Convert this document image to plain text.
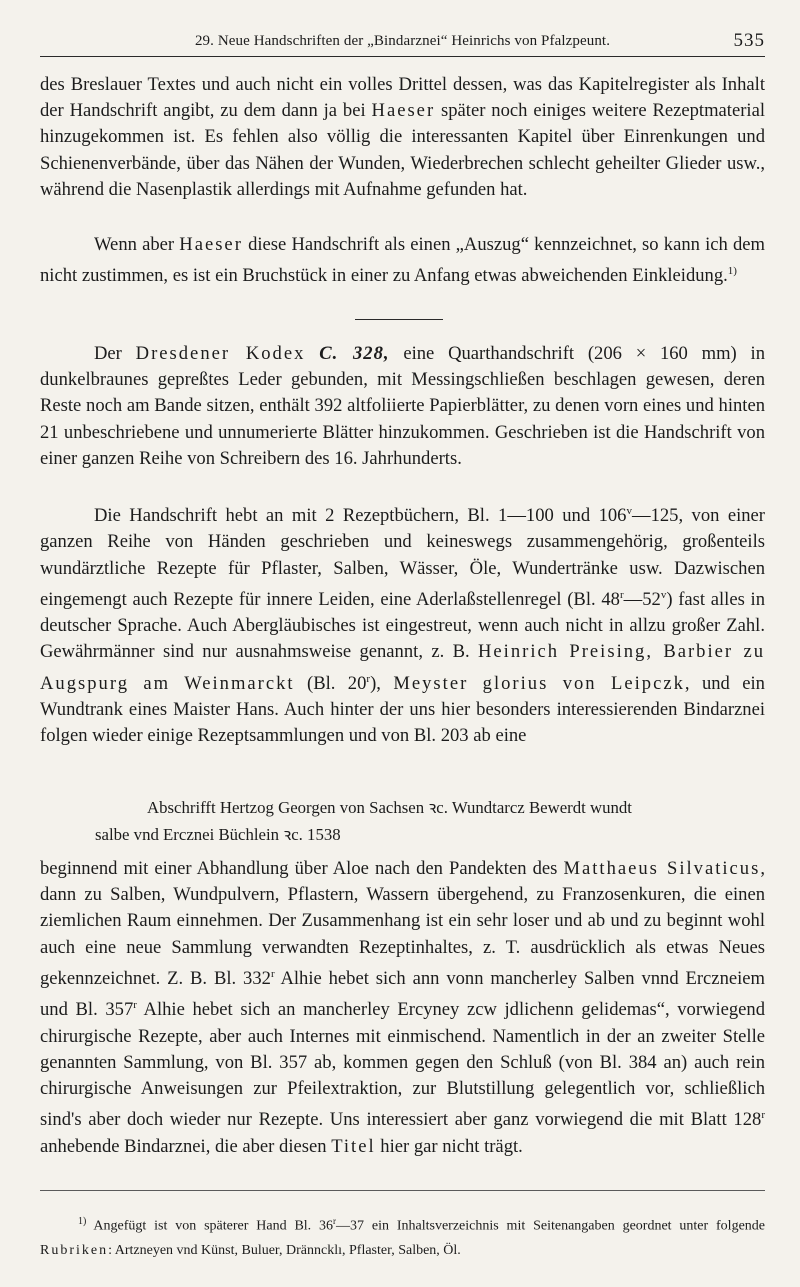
29. Neue Handschriften der „Bindarznei“ Heinrichs von Pfalzpeunt.	535

des Breslauer Textes und auch nicht ein volles Drittel dessen, was das Kapitelregister als Inhalt der Handschrift angibt, zu dem dann ja bei Haeser später noch einiges weitere Rezeptmaterial hinzugekommen ist. Es fehlen also völlig die interessanten Kapitel über Einrenkungen und Schienenverbände, über das Nähen der Wunden, Wiederbrechen schlecht geheilter Glieder usw., während die Nasenplastik allerdings mit Aufnahme gefunden hat.

Wenn aber Haeser diese Handschrift als einen „Auszug“ kennzeichnet, so kann ich dem nicht zustimmen, es ist ein Bruchstück in einer zu Anfang etwas abweichenden Einkleidung.$^{1)}$

Der Dresdener Kodex C. 328, eine Quarthandschrift (206 × 160 mm) in dunkelbraunes gepreßtes Leder gebunden, mit Messingschließen beschlagen gewesen, deren Reste noch am Bande sitzen, enthält 392 altfoliierte Papierblätter, zu denen vorn eines und hinten 21 unbeschriebene und unnumerierte Blätter hinzukommen. Geschrieben ist die Handschrift von einer ganzen Reihe von Schreibern des 16. Jahrhunderts.

Die Handschrift hebt an mit 2 Rezeptbüchern, Bl. 1—100 und 106$^v$—125, von einer ganzen Reihe von Händen geschrieben und keineswegs zusammengehörig, großenteils wundärztliche Rezepte für Pflaster, Salben, Wässer, Öle, Wundertränke usw. Dazwischen eingemengt auch Rezepte für innere Leiden, eine Aderlaßstellenregel (Bl. 48$^r$—52$^v$) fast alles in deutscher Sprache. Auch Abergläubisches ist eingestreut, wenn auch nicht in allzu großer Zahl. Gewährmänner sind nur ausnahmsweise genannt, z. B. Heinrich Preising, Barbier zu Augspurg am Weinmarckt (Bl. 20$^r$), Meyster glorius von Leipczk, und ein Wundtrank eines Maister Hans. Auch hinter der uns hier besonders interessierenden Bindarznei folgen wieder einige Rezeptsammlungen und von Bl. 203 ab eine

Abschrifft Hertzog Georgen von Sachsen ꝛc. Wundtarcz Bewerdt wundt
salbe vnd Ercznei Büchlein ꝛc. 1538

beginnend mit einer Abhandlung über Aloe nach den Pandekten des Matthaeus Silvaticus, dann zu Salben, Wundpulvern, Pflastern, Wassern übergehend, zu Franzosenkuren, die einen ziemlichen Raum einnehmen. Der Zusammenhang ist ein sehr loser und ab und zu beginnt wohl auch eine neue Sammlung verwandten Rezeptinhaltes, z. T. ausdrücklich als etwas Neues gekennzeichnet. Z. B. Bl. 332$^r$ Alhie hebet sich ann vonn mancherley Salben vnnd Erczneiem und Bl. 357$^r$ Alhie hebet sich an mancherley Ercyney zcw jdlichenn gelidemas“, vorwiegend chirurgische Rezepte, aber auch Internes mit einmischend. Namentlich in der an zweiter Stelle genannten Sammlung, von Bl. 357 ab, kommen gegen den Schluß (von Bl. 384 an) auch rein chirurgische Anweisungen zur Pfeilextraktion, zur Blutstillung gelegentlich vor, schließlich sind's aber doch wieder nur Rezepte. Uns interessiert aber ganz vorwiegend die mit Blatt 128$^r$ anhebende Bindarznei, die aber diesen Titel hier gar nicht trägt.

$^{1)}$ Angefügt ist von späterer Hand Bl. 36$^r$—37 ein Inhaltsverzeichnis mit Seitenangaben geordnet unter folgende Rubriken: Artzneyen vnd Künst, Buluer, Dränncklı, Pflaster, Salben, Öl.
